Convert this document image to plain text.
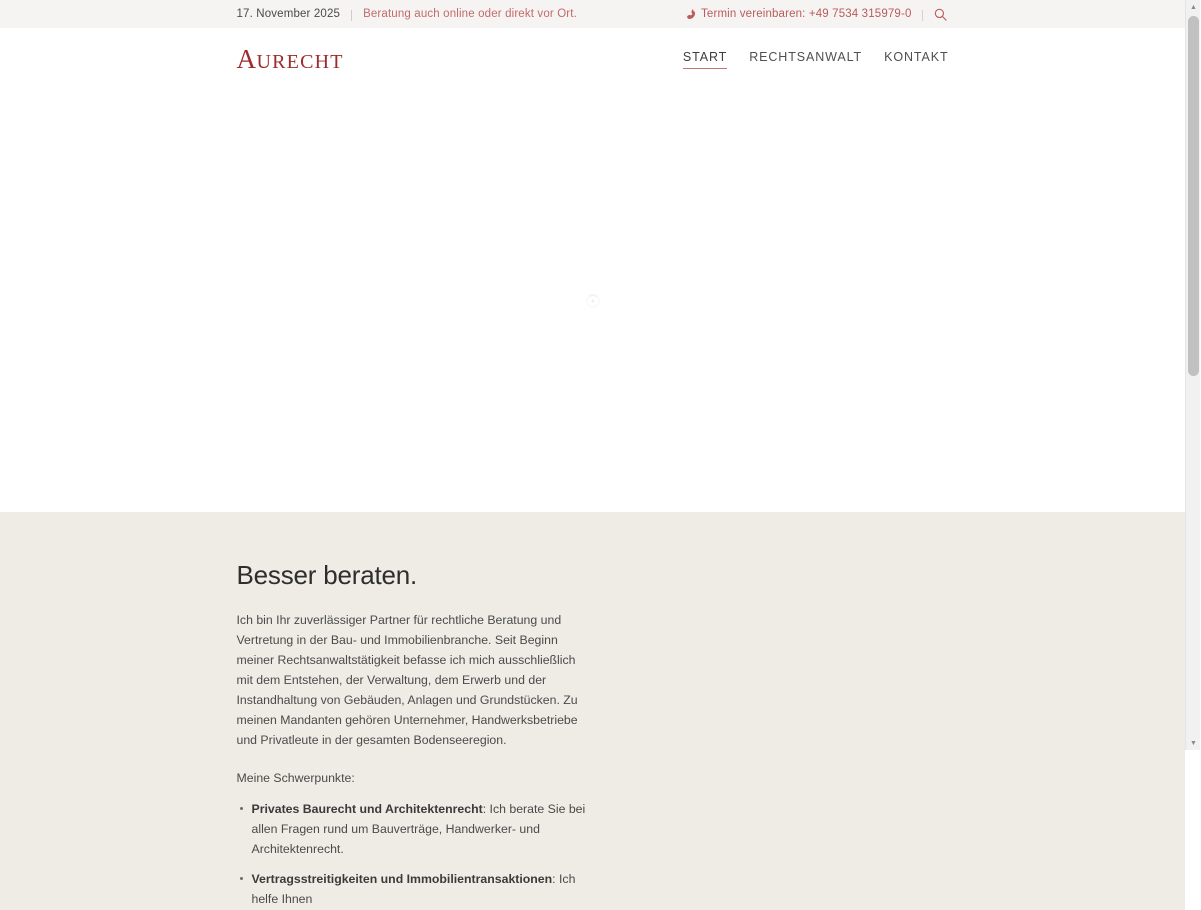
17. November 2025 Beratung auch online oder direkt vor Ort.	Termin vereinbaren: +49 7534 315979-0
AURECHT	START RECHTSANWALT KONTAKT
Besser beraten.

Ich bin Ihr zuverlässiger Partner für rechtliche Beratung und Vertretung in der Bau- und Immobilienbranche. Seit Beginn meiner Rechtsanwaltstätigkeit befasse ich mich ausschließlich mit dem Entstehen, der Verwaltung, dem Erwerb und der Instandhaltung von Gebäuden, Anlagen und Grundstücken. Zu meinen Mandanten gehören Unternehmer, Handwerksbetriebe und Privatleute in der gesamten Bodenseeregion.

Meine Schwerpunkte:

Privates Baurecht und Architektenrecht: Ich berate Sie bei allen Fragen rund um Bauverträge, Handwerker- und Architektenrecht.
Vertragsstreitigkeiten und Immobilientransaktionen: Ich helfe Ihnen
▲
▼
